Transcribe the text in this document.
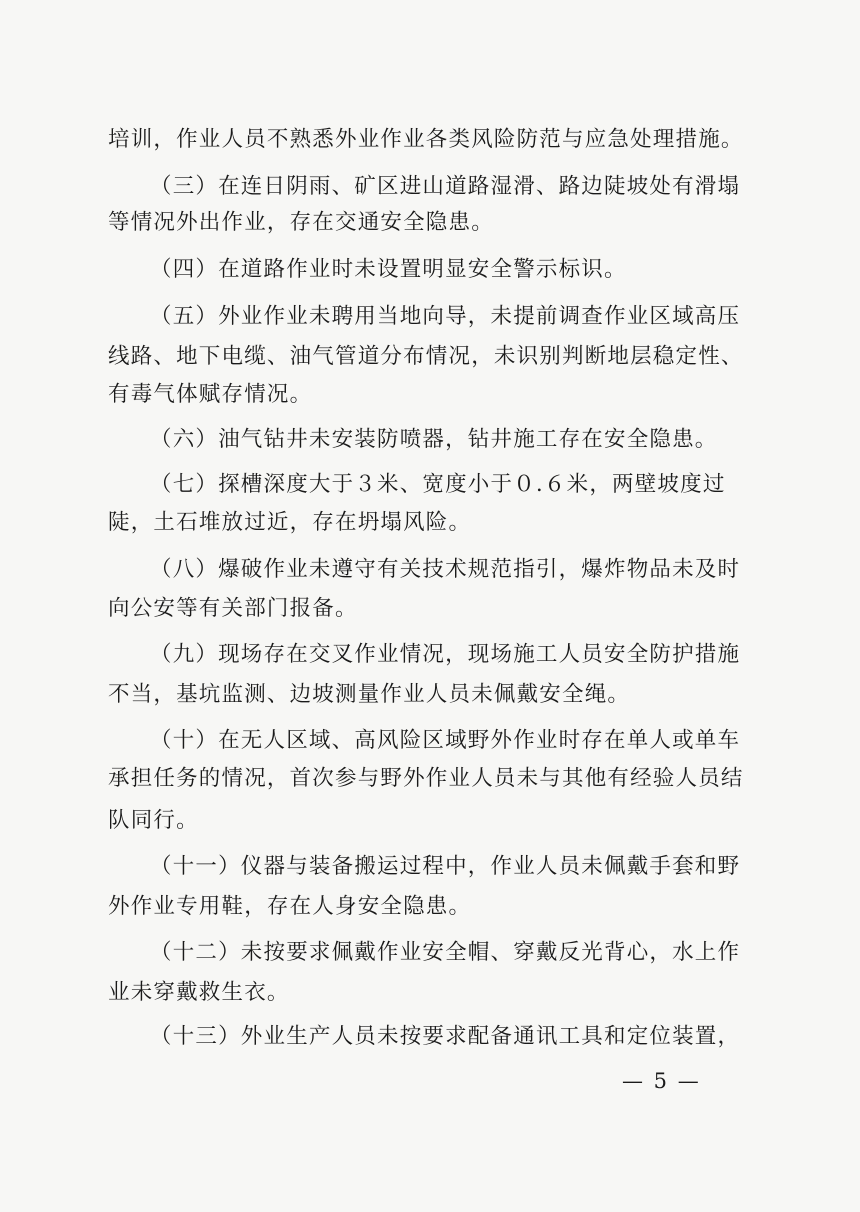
培训，作业人员不熟悉外业作业各类风险防范与应急处理措施。
（三）在连日阴雨、矿区进山道路湿滑、路边陡坡处有滑塌
等情况外出作业，存在交通安全隐患。
（四）在道路作业时未设置明显安全警示标识。
（五）外业作业未聘用当地向导，未提前调查作业区域高压
线路、地下电缆、油气管道分布情况，未识别判断地层稳定性、
有毒气体赋存情况。
（六）油气钻井未安装防喷器，钻井施工存在安全隐患。
（七）探槽深度大于３米、宽度小于０.６米，两壁坡度过
陡，土石堆放过近，存在坍塌风险。
（八）爆破作业未遵守有关技术规范指引，爆炸物品未及时
向公安等有关部门报备。
（九）现场存在交叉作业情况，现场施工人员安全防护措施
不当，基坑监测、边坡测量作业人员未佩戴安全绳。
（十）在无人区域、高风险区域野外作业时存在单人或单车
承担任务的情况，首次参与野外作业人员未与其他有经验人员结
队同行。
（十一）仪器与装备搬运过程中，作业人员未佩戴手套和野
外作业专用鞋，存在人身安全隐患。
（十二）未按要求佩戴作业安全帽、穿戴反光背心，水上作
业未穿戴救生衣。
（十三）外业生产人员未按要求配备通讯工具和定位装置，
— 5 —
